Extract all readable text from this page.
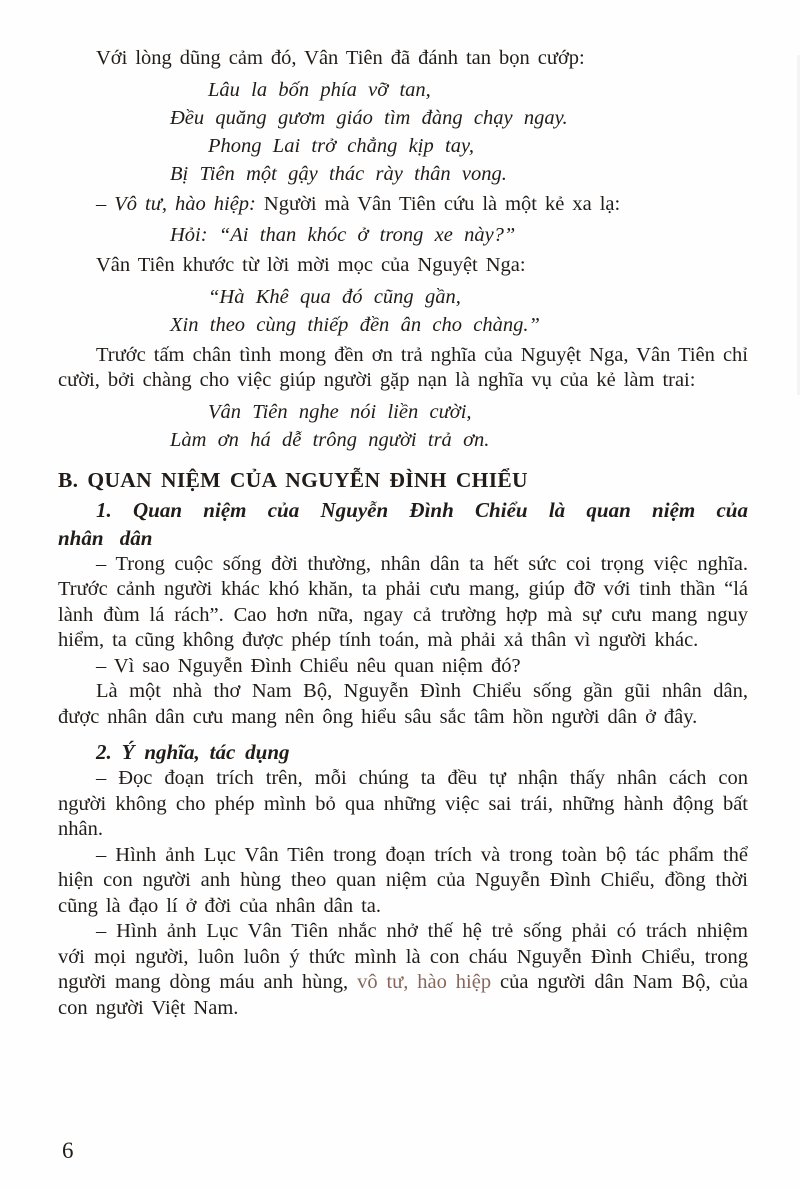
Với lòng dũng cảm đó, Vân Tiên đã đánh tan bọn cướp:

Lâu la bốn phía vỡ tan,
Đều quăng gươm giáo tìm đàng chạy ngay.
Phong Lai trở chẳng kịp tay,
Bị Tiên một gậy thác rày thân vong.

– Vô tư, hào hiệp: Người mà Vân Tiên cứu là một kẻ xa lạ:

Hỏi: “Ai than khóc ở trong xe này?”

Vân Tiên khước từ lời mời mọc của Nguyệt Nga:

“Hà Khê qua đó cũng gần,
Xin theo cùng thiếp đền ân cho chàng.”

Trước tấm chân tình mong đền ơn trả nghĩa của Nguyệt Nga, Vân Tiên chỉ cười, bởi chàng cho việc giúp người gặp nạn là nghĩa vụ của kẻ làm trai:

Vân Tiên nghe nói liền cười,
Làm ơn há dễ trông người trả ơn.
B. QUAN NIỆM CỦA NGUYỄN ĐÌNH CHIỂU
1. Quan niệm của Nguyễn Đình Chiểu là quan niệm của nhân dân

– Trong cuộc sống đời thường, nhân dân ta hết sức coi trọng việc nghĩa. Trước cảnh người khác khó khăn, ta phải cưu mang, giúp đỡ với tinh thần “lá lành đùm lá rách”. Cao hơn nữa, ngay cả trường hợp mà sự cưu mang nguy hiểm, ta cũng không được phép tính toán, mà phải xả thân vì người khác.

– Vì sao Nguyễn Đình Chiểu nêu quan niệm đó?

Là một nhà thơ Nam Bộ, Nguyễn Đình Chiểu sống gần gũi nhân dân, được nhân dân cưu mang nên ông hiểu sâu sắc tâm hồn người dân ở đây.

2. Ý nghĩa, tác dụng

– Đọc đoạn trích trên, mỗi chúng ta đều tự nhận thấy nhân cách con người không cho phép mình bỏ qua những việc sai trái, những hành động bất nhân.

– Hình ảnh Lục Vân Tiên trong đoạn trích và trong toàn bộ tác phẩm thể hiện con người anh hùng theo quan niệm của Nguyễn Đình Chiểu, đồng thời cũng là đạo lí ở đời của nhân dân ta.

– Hình ảnh Lục Vân Tiên nhắc nhở thế hệ trẻ sống phải có trách nhiệm với mọi người, luôn luôn ý thức mình là con cháu Nguyễn Đình Chiểu, trong người mang dòng máu anh hùng, vô tư, hào hiệp của người dân Nam Bộ, của con người Việt Nam.

6
